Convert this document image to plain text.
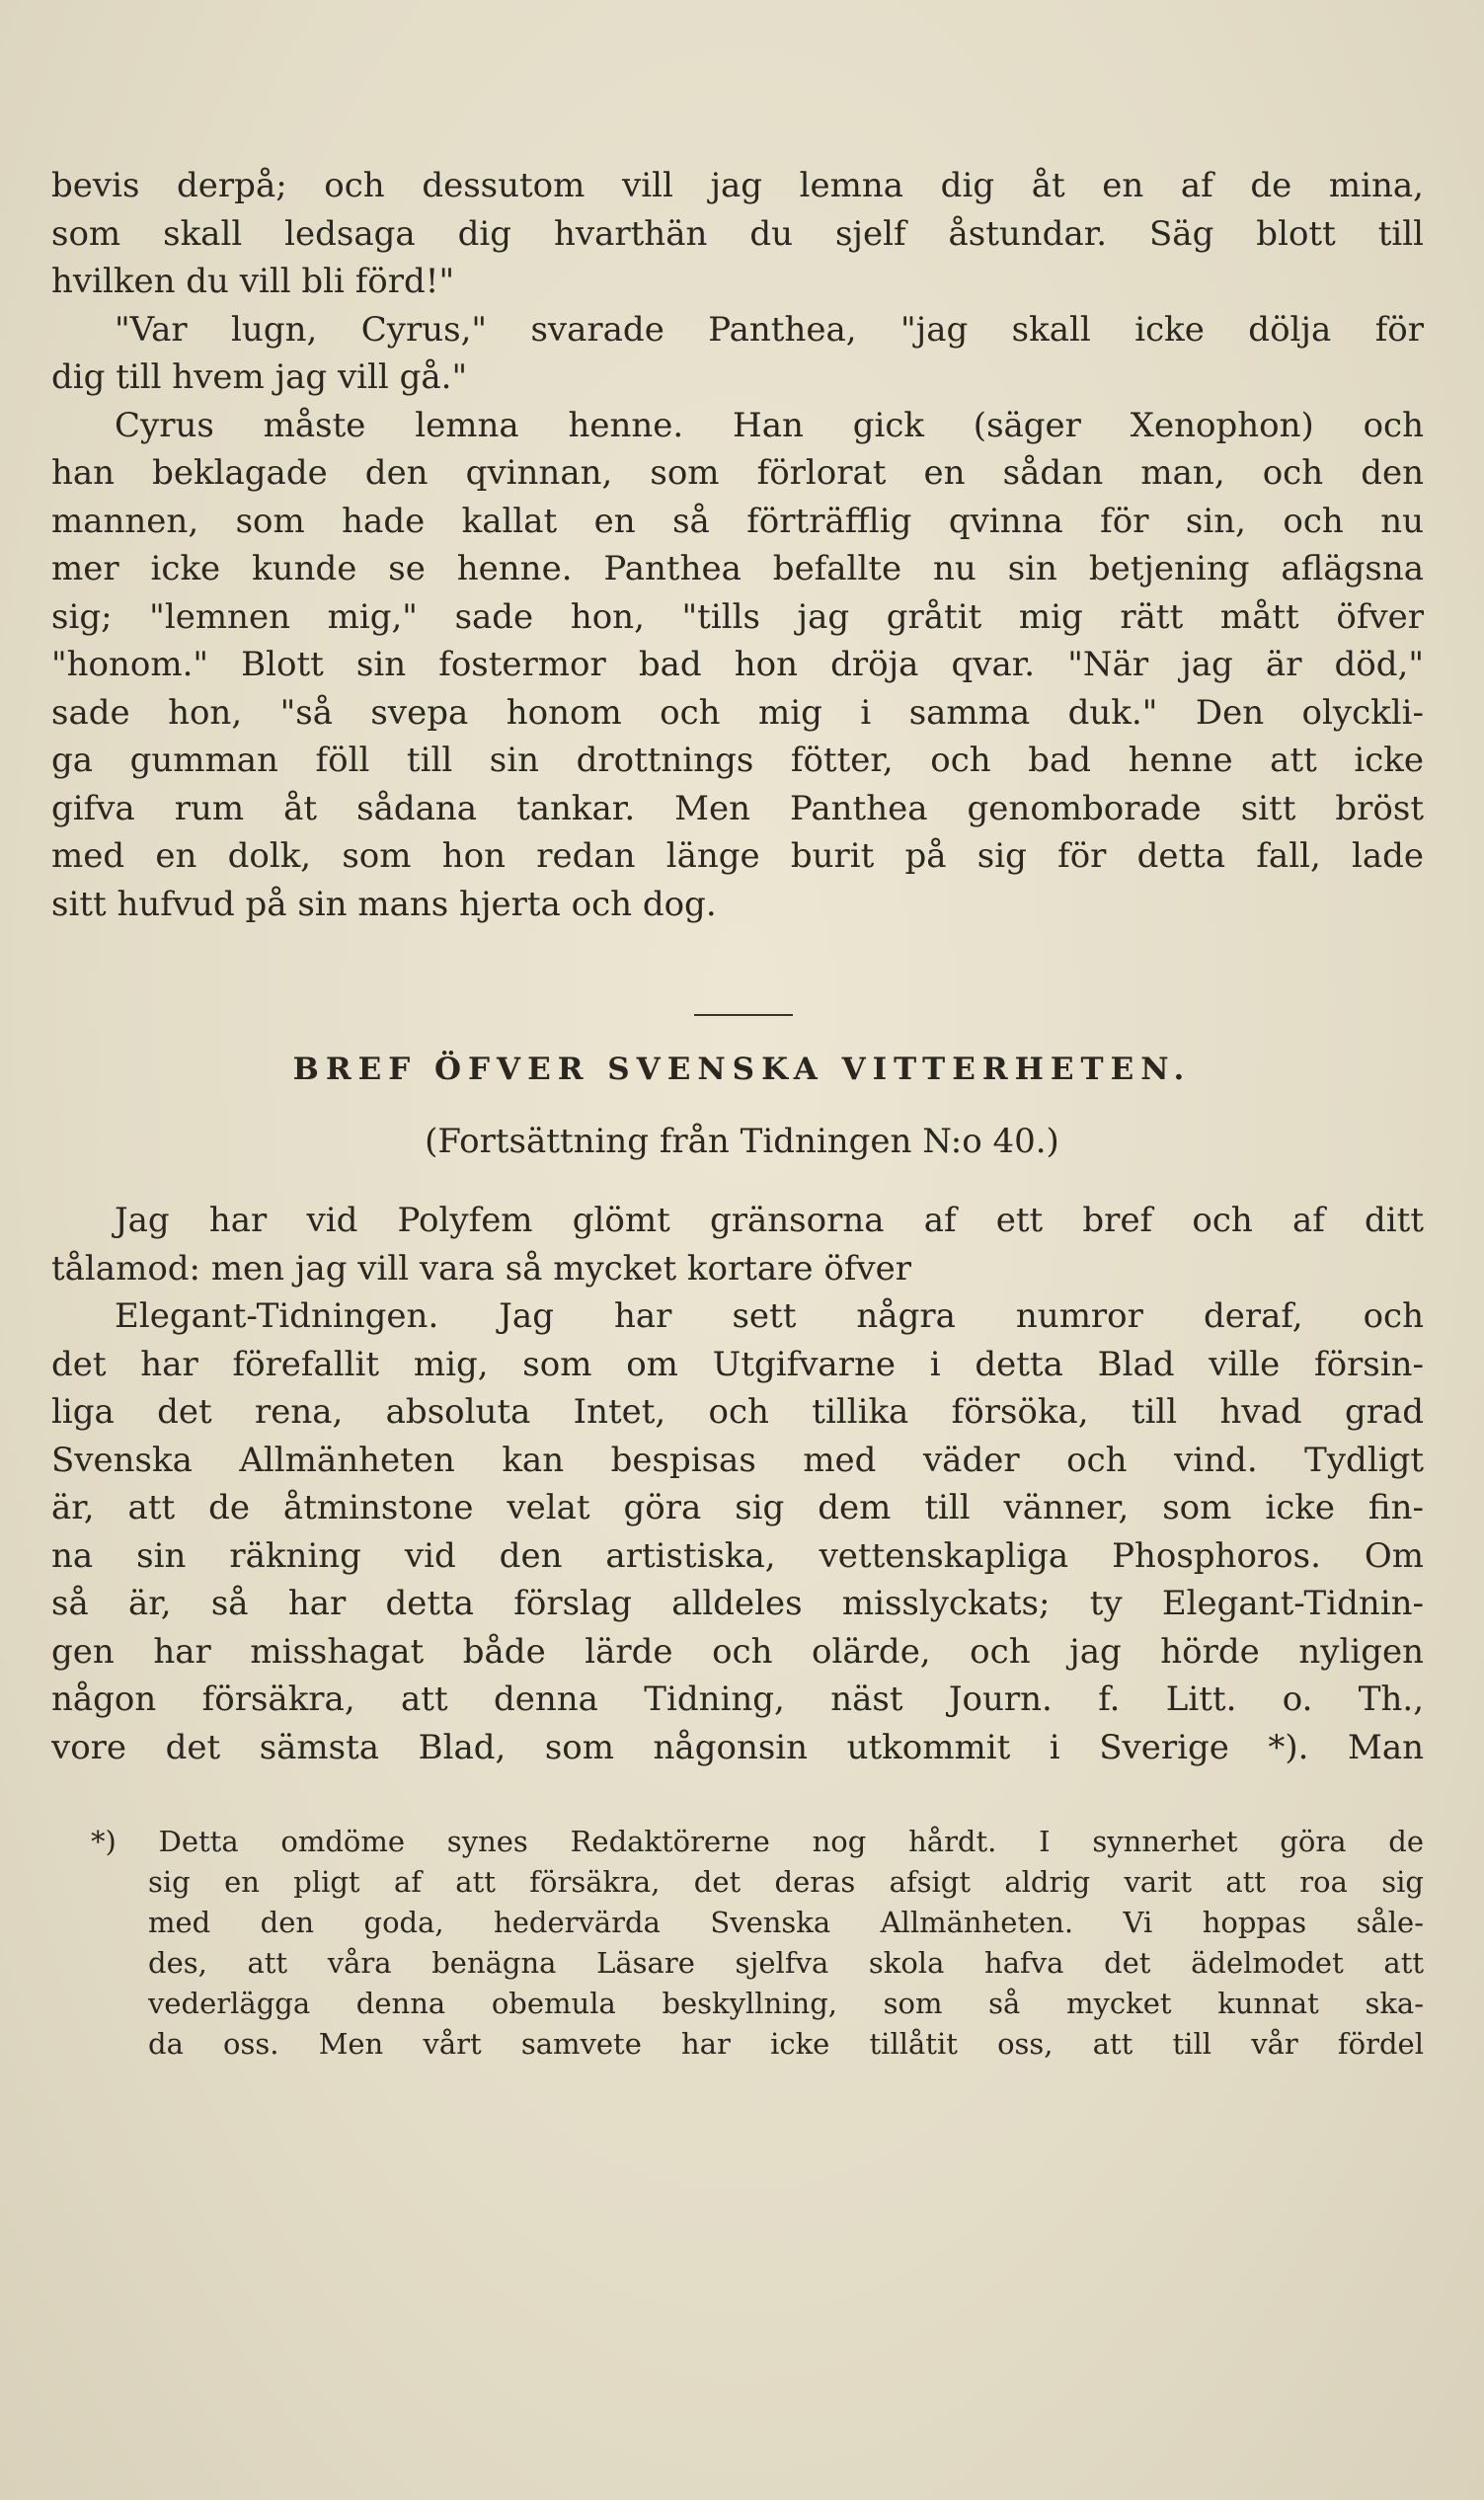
bevis derpå; och dessutom vill jag lemna dig åt en af de mina,
som skall ledsaga dig hvarthän du sjelf åstundar. Säg blott till
hvilken du vill bli förd!"
"Var lugn, Cyrus," svarade Panthea, "jag skall icke dölja för
dig till hvem jag vill gå."
Cyrus måste lemna henne. Han gick (säger Xenophon) och
han beklagade den qvinnan, som förlorat en sådan man, och den
mannen, som hade kallat en så förträfflig qvinna för sin, och nu
mer icke kunde se henne. Panthea befallte nu sin betjening aflägsna
sig; "lemnen mig," sade hon, "tills jag gråtit mig rätt mått öfver
"honom." Blott sin fostermor bad hon dröja qvar. "När jag är död,"
sade hon, "så svepa honom och mig i samma duk." Den olyckli-
ga gumman föll till sin drottnings fötter, och bad henne att icke
gifva rum åt sådana tankar. Men Panthea genomborade sitt bröst
med en dolk, som hon redan länge burit på sig för detta fall, lade
sitt hufvud på sin mans hjerta och dog.
BREF ÖFVER SVENSKA VITTERHETEN.
(Fortsättning från Tidningen N:o 40.)
Jag har vid Polyfem glömt gränsorna af ett bref och af ditt
tålamod: men jag vill vara så mycket kortare öfver
Elegant-Tidningen. Jag har sett några numror deraf, och
det har förefallit mig, som om Utgifvarne i detta Blad ville försin-
liga det rena, absoluta Intet, och tillika försöka, till hvad grad
Svenska Allmänheten kan bespisas med väder och vind. Tydligt
är, att de åtminstone velat göra sig dem till vänner, som icke fin-
na sin räkning vid den artistiska, vettenskapliga Phosphoros. Om
så är, så har detta förslag alldeles misslyckats; ty Elegant-Tidnin-
gen har misshagat både lärde och olärde, och jag hörde nyligen
någon försäkra, att denna Tidning, näst Journ. f. Litt. o. Th.,
vore det sämsta Blad, som någonsin utkommit i Sverige *). Man
*) Detta omdöme synes Redaktörerne nog hårdt. I synnerhet göra de
sig en pligt af att försäkra, det deras afsigt aldrig varit att roa sig
med den goda, hedervärda Svenska Allmänheten. Vi hoppas såle-
des, att våra benägna Läsare sjelfva skola hafva det ädelmodet att
vederlägga denna obemula beskyllning, som så mycket kunnat ska-
da oss. Men vårt samvete har icke tillåtit oss, att till vår fördel
